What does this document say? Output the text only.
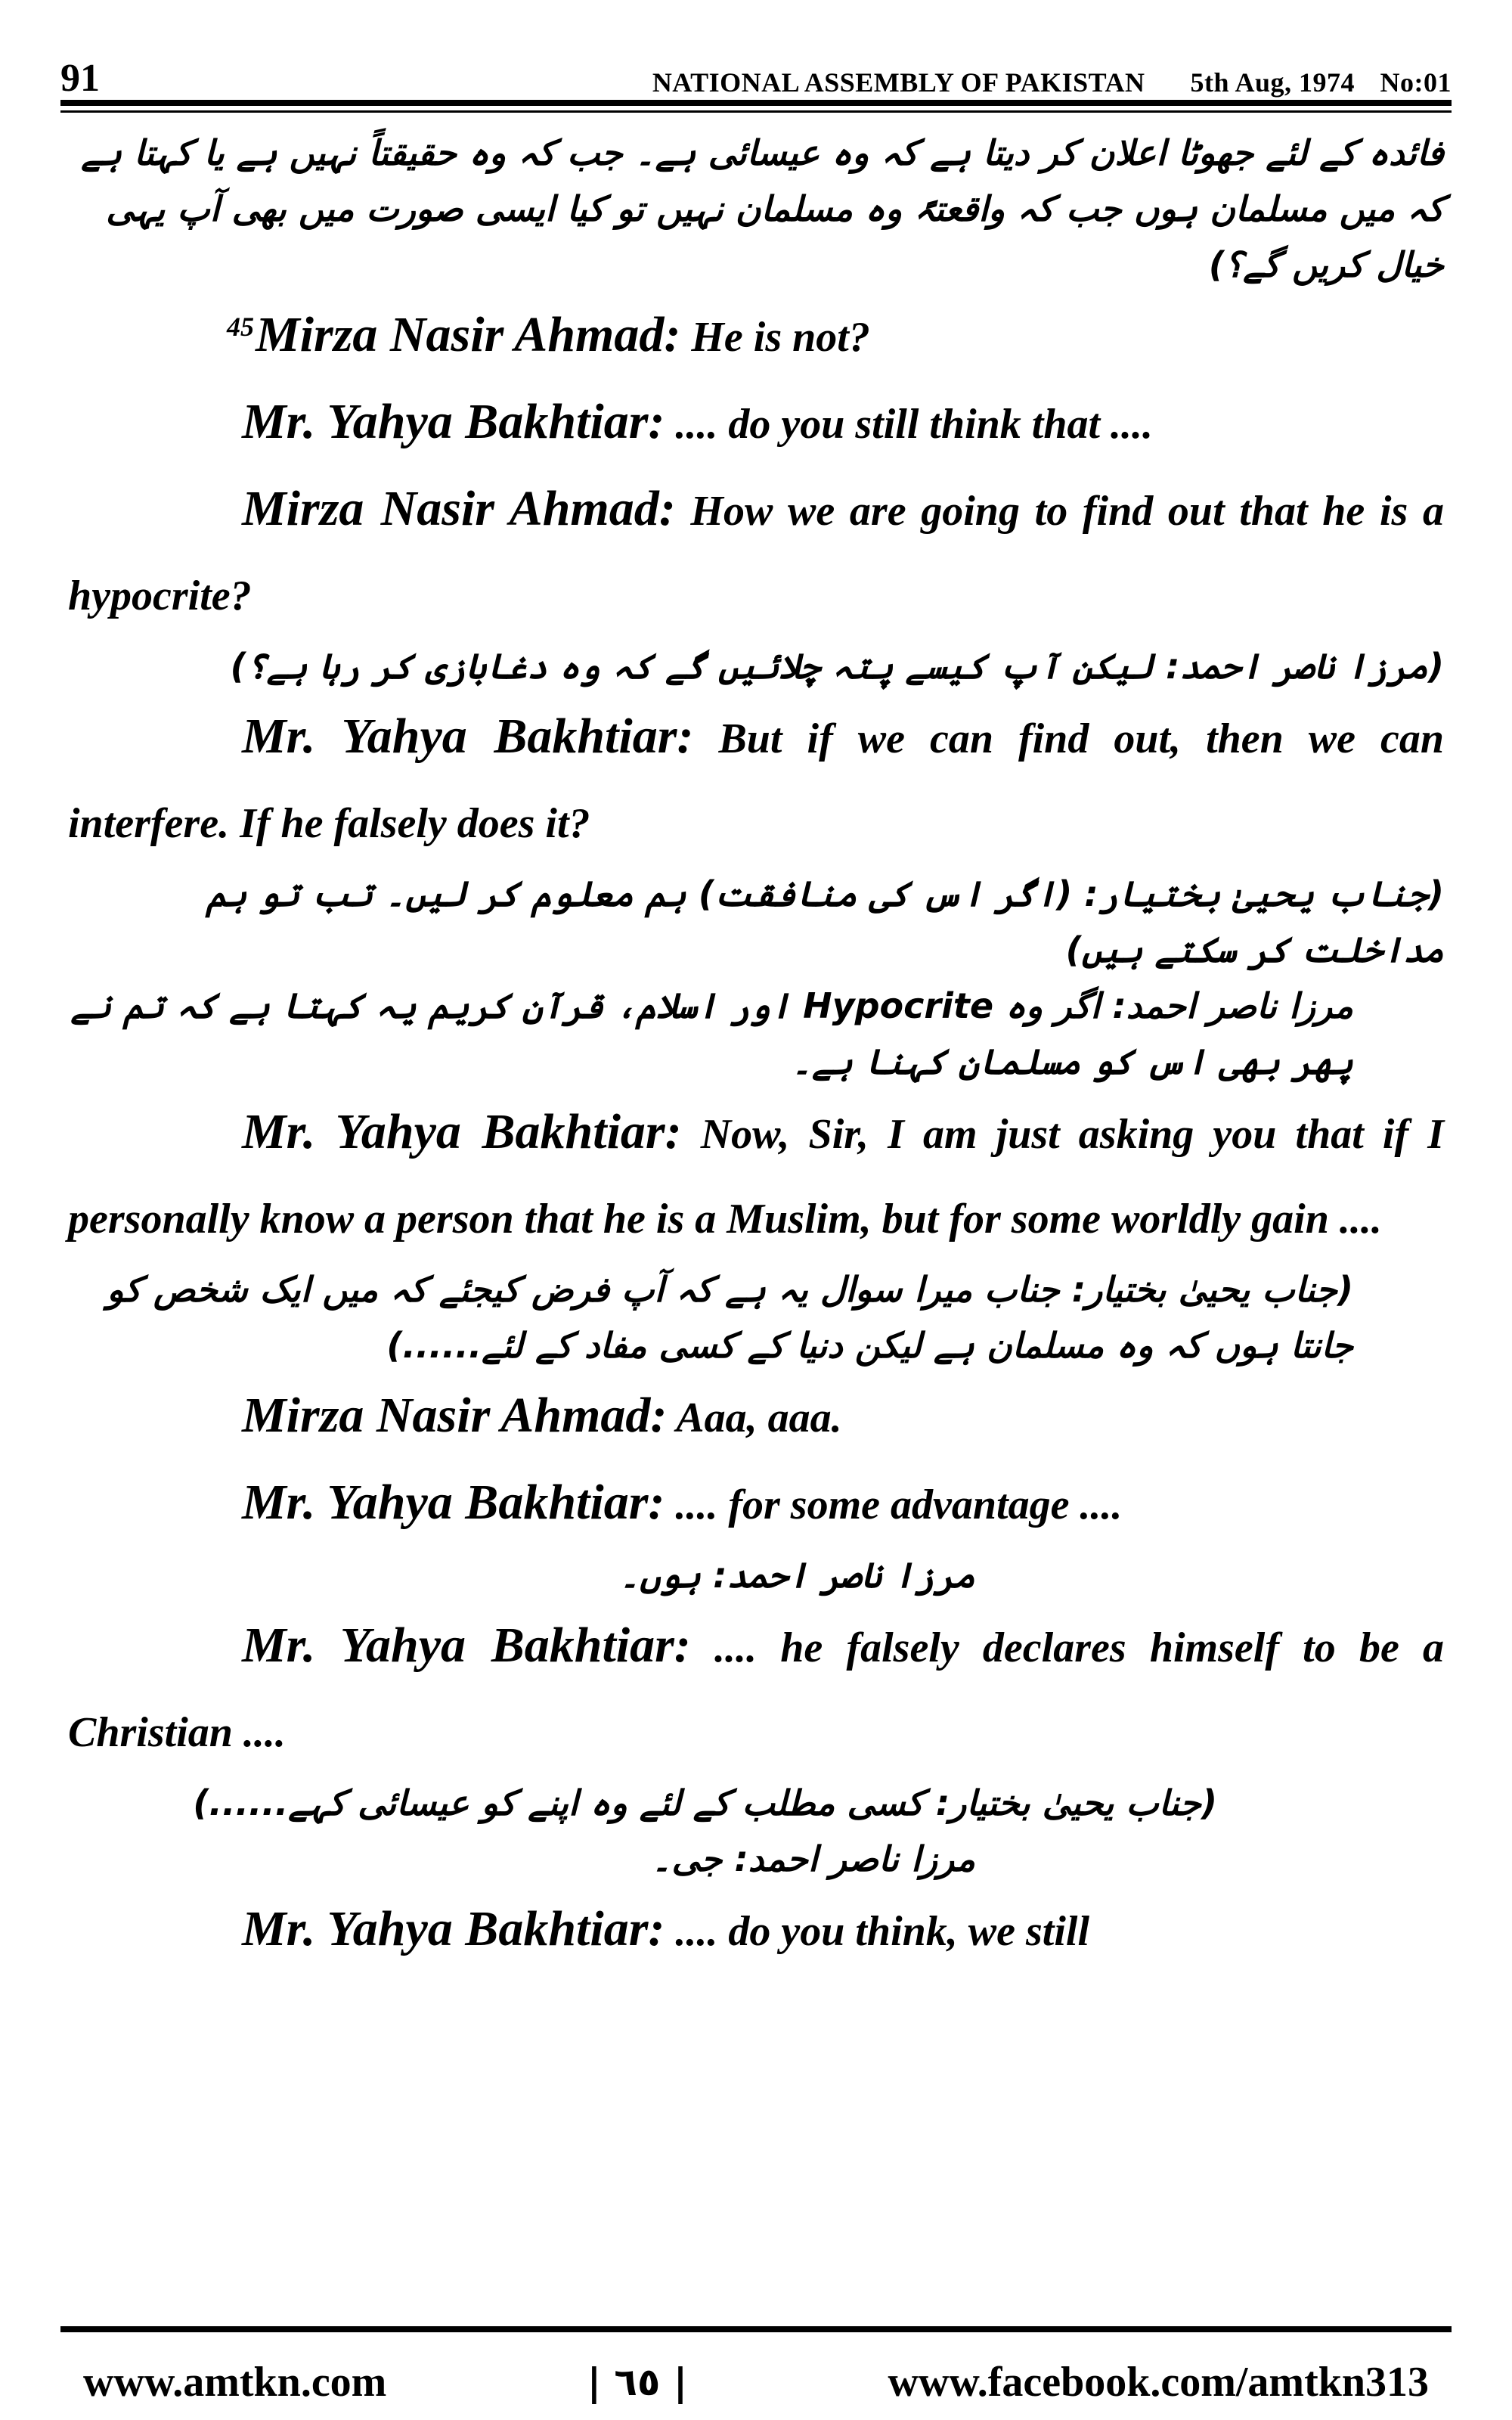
91	NATIONAL ASSEMBLY OF PAKISTAN 5th Aug, 1974 No:01

فائدہ کے لئے جھوٹا اعلان کر دیتا ہے کہ وہ عیسائی ہے۔ جب کہ وہ حقیقتاً نہیں ہے یا کہتا ہے کہ میں مسلمان ہوں جب کہ واقعتہً وہ مسلمان نہیں تو کیا ایسی صورت میں بھی آپ یہی خیال کریں گے؟)

$^{45}$Mirza Nasir Ahmad: He is not?

Mr. Yahya Bakhtiar: .... do you still think that ....

Mirza Nasir Ahmad: How we are going to find out that he is a hypocrite?

(مرزا ناصر احمد: لیکن آپ کیسے پتہ چلائیں گے کہ وہ دغابازی کر رہا ہے؟)

Mr. Yahya Bakhtiar: But if we can find out, then we can interfere. If he falsely does it?

(جناب یحییٰ بختیار: (اگر اس کی منافقت) ہم معلوم کر لیں۔ تب تو ہم مداخلت کر سکتے ہیں)

مرزا ناصر احمد: اگر وہ Hypocrite اور اسلام، قرآن کریم یہ کہتا ہے کہ تم نے پھر بھی اس کو مسلمان کہنا ہے۔

Mr. Yahya Bakhtiar: Now, Sir, I am just asking you that if I personally know a person that he is a Muslim, but for some worldly gain ....

(جناب یحییٰ بختیار: جناب میرا سوال یہ ہے کہ آپ فرض کیجئے کہ میں ایک شخص کو جانتا ہوں کہ وہ مسلمان ہے لیکن دنیا کے کسی مفاد کے لئے......)

Mirza Nasir Ahmad: Aaa, aaa.

Mr. Yahya Bakhtiar: .... for some advantage ....

مرزا ناصر احمد: ہوں۔

Mr. Yahya Bakhtiar: .... he falsely declares himself to be a Christian ....

(جناب یحییٰ بختیار: کسی مطلب کے لئے وہ اپنے کو عیسائی کہے......)

مرزا ناصر احمد: جی۔

Mr. Yahya Bakhtiar: .... do you think, we still

www.amtkn.com	| ٦٥ |	www.facebook.com/amtkn313
